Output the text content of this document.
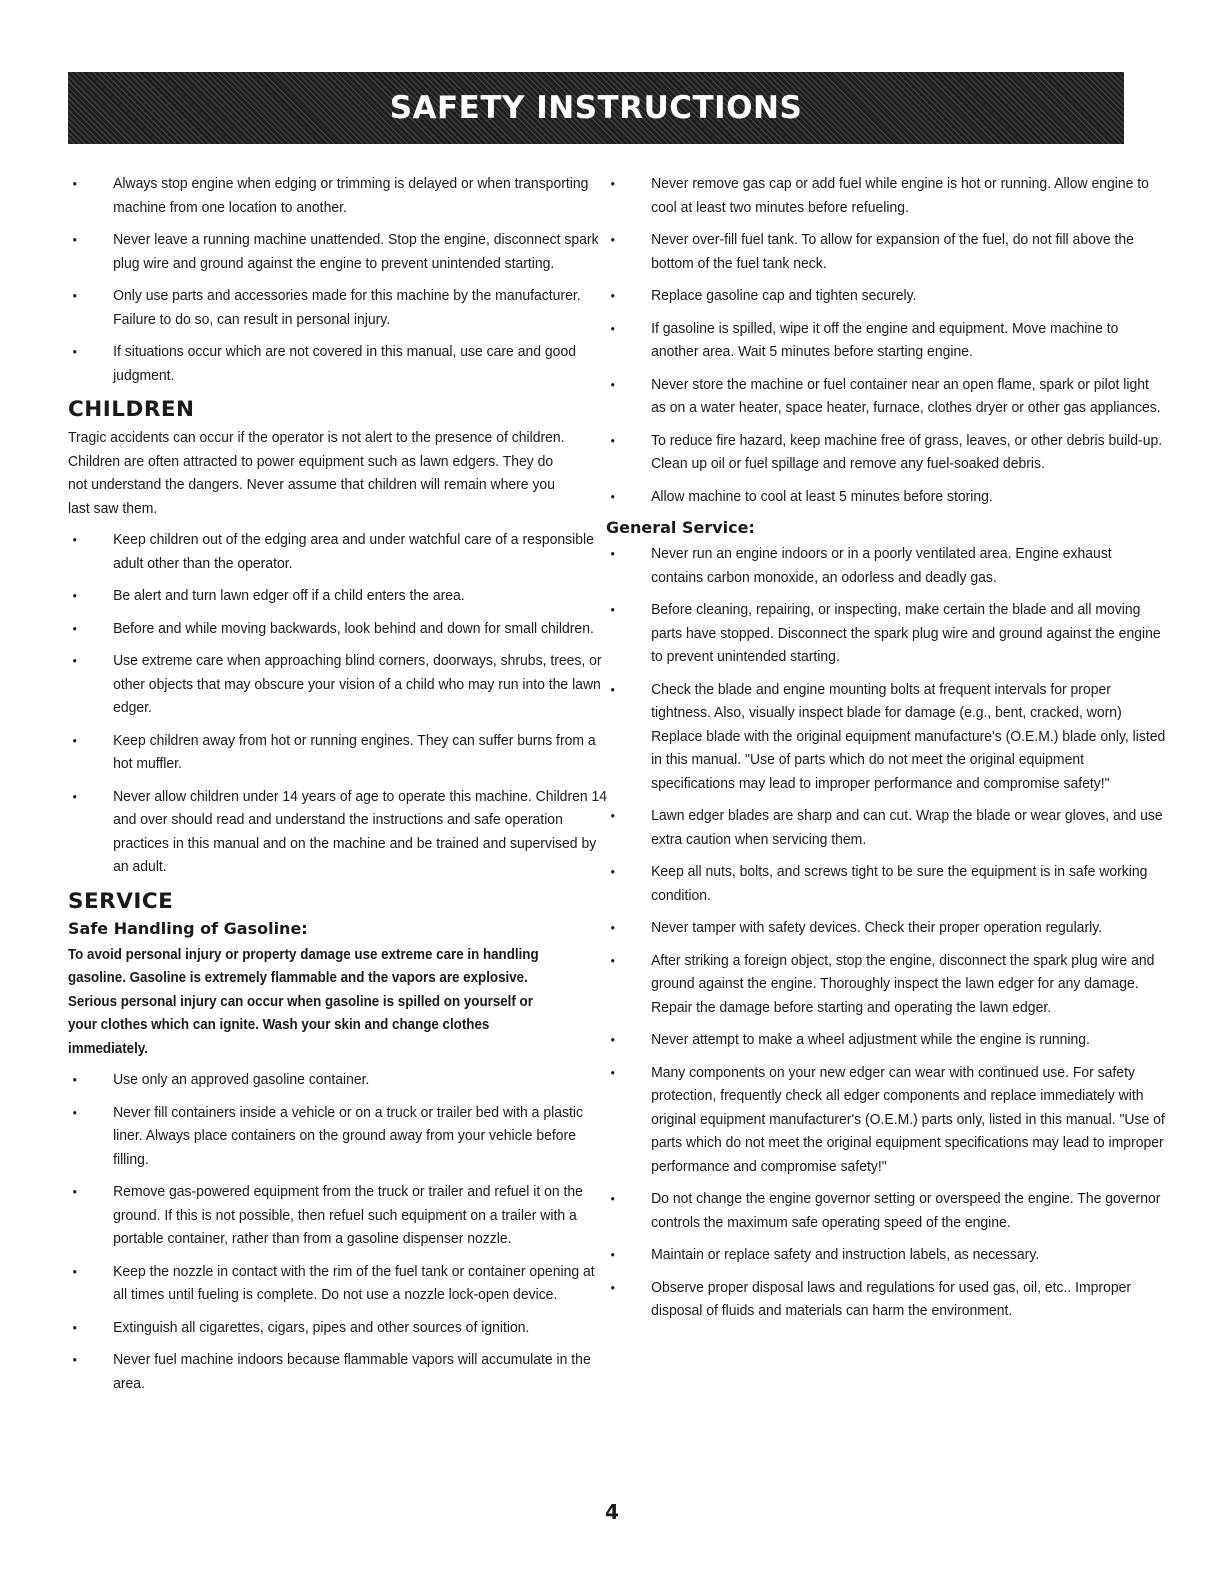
SAFETY INSTRUCTIONS
• Always stop engine when edging or trimming is delayed or when transporting machine from one location to another.
• Never leave a running machine unattended. Stop the engine, disconnect spark plug wire and ground against the engine to prevent unintended starting.
• Only use parts and accessories made for this machine by the manufacturer. Failure to do so, can result in personal injury.
• If situations occur which are not covered in this manual, use care and good judgment.
CHILDREN

Tragic accidents can occur if the operator is not alert to the presence of children. Children are often attracted to power equipment such as lawn edgers. They do not understand the dangers. Never assume that children will remain where you last saw them.

• Keep children out of the edging area and under watchful care of a responsible adult other than the operator.
• Be alert and turn lawn edger off if a child enters the area.
• Before and while moving backwards, look behind and down for small children.
• Use extreme care when approaching blind corners, doorways, shrubs, trees, or other objects that may obscure your vision of a child who may run into the lawn edger.
• Keep children away from hot or running engines. They can suffer burns from a hot muffler.
• Never allow children under 14 years of age to operate this machine. Children 14 and over should read and understand the instructions and safe operation practices in this manual and on the machine and be trained and supervised by an adult.
SERVICE
Safe Handling of Gasoline:

To avoid personal injury or property damage use extreme care in handling gasoline. Gasoline is extremely flammable and the vapors are explosive. Serious personal injury can occur when gasoline is spilled on yourself or your clothes which can ignite. Wash your skin and change clothes immediately.

• Use only an approved gasoline container.
• Never fill containers inside a vehicle or on a truck or trailer bed with a plastic liner. Always place containers on the ground away from your vehicle before filling.
• Remove gas-powered equipment from the truck or trailer and refuel it on the ground. If this is not possible, then refuel such equipment on a trailer with a portable container, rather than from a gasoline dispenser nozzle.
• Keep the nozzle in contact with the rim of the fuel tank or container opening at all times until fueling is complete. Do not use a nozzle lock-open device.
• Extinguish all cigarettes, cigars, pipes and other sources of ignition.
• Never fuel machine indoors because flammable vapors will accumulate in the area.
• Never remove gas cap or add fuel while engine is hot or running. Allow engine to cool at least two minutes before refueling.
• Never over-fill fuel tank. To allow for expansion of the fuel, do not fill above the bottom of the fuel tank neck.
• Replace gasoline cap and tighten securely.
• If gasoline is spilled, wipe it off the engine and equipment. Move machine to another area. Wait 5 minutes before starting engine.
• Never store the machine or fuel container near an open flame, spark or pilot light as on a water heater, space heater, furnace, clothes dryer or other gas appliances.
• To reduce fire hazard, keep machine free of grass, leaves, or other debris build-up. Clean up oil or fuel spillage and remove any fuel-soaked debris.
• Allow machine to cool at least 5 minutes before storing.
General Service:
• Never run an engine indoors or in a poorly ventilated area. Engine exhaust contains carbon monoxide, an odorless and deadly gas.
• Before cleaning, repairing, or inspecting, make certain the blade and all moving parts have stopped. Disconnect the spark plug wire and ground against the engine to prevent unintended starting.
• Check the blade and engine mounting bolts at frequent intervals for proper tightness. Also, visually inspect blade for damage (e.g., bent, cracked, worn) Replace blade with the original equipment manufacture's (O.E.M.) blade only, listed in this manual. "Use of parts which do not meet the original equipment specifications may lead to improper performance and compromise safety!"
• Lawn edger blades are sharp and can cut. Wrap the blade or wear gloves, and use extra caution when servicing them.
• Keep all nuts, bolts, and screws tight to be sure the equipment is in safe working condition.
• Never tamper with safety devices. Check their proper operation regularly.
• After striking a foreign object, stop the engine, disconnect the spark plug wire and ground against the engine. Thoroughly inspect the lawn edger for any damage. Repair the damage before starting and operating the lawn edger.
• Never attempt to make a wheel adjustment while the engine is running.
• Many components on your new edger can wear with continued use. For safety protection, frequently check all edger components and replace immediately with original equipment manufacturer's (O.E.M.) parts only, listed in this manual. "Use of parts which do not meet the original equipment specifications may lead to improper performance and compromise safety!"
• Do not change the engine governor setting or overspeed the engine. The governor controls the maximum safe operating speed of the engine.
• Maintain or replace safety and instruction labels, as necessary.
• Observe proper disposal laws and regulations for used gas, oil, etc.. Improper disposal of fluids and materials can harm the environment.
4
